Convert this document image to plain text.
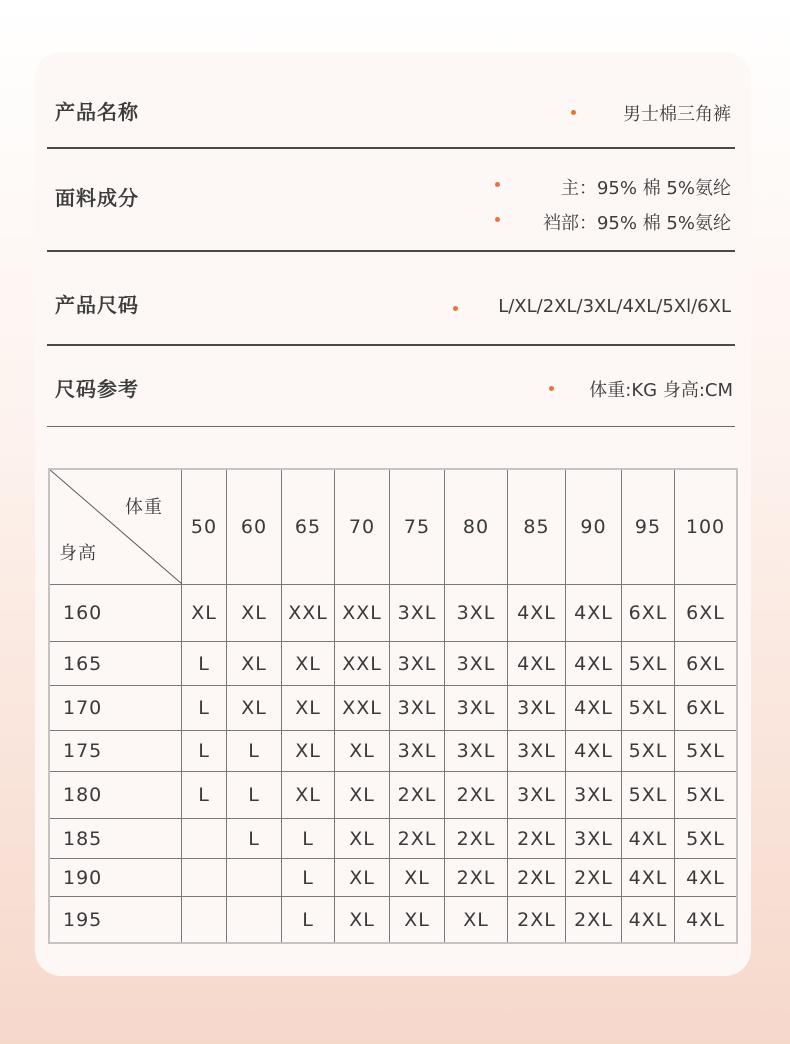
产品名称	男士棉三角裤
面料成分	主：95% 棉 5%氨纶
裆部：95% 棉 5%氨纶
产品尺码	L/XL/2XL/3XL/4XL/5Xl/6XL
尺码参考	体重:KG 身高:CM
体重
身高	50	60	65	70	75	80	85	90	95	100
160	XL	XL	XXL	XXL	3XL	3XL	4XL	4XL	6XL	6XL
165	L	XL	XL	XXL	3XL	3XL	4XL	4XL	5XL	6XL
170	L	XL	XL	XXL	3XL	3XL	3XL	4XL	5XL	6XL
175	L	L	XL	XL	3XL	3XL	3XL	4XL	5XL	5XL
180	L	L	XL	XL	2XL	2XL	3XL	3XL	5XL	5XL
185		L	L	XL	2XL	2XL	2XL	3XL	4XL	5XL
190			L	XL	XL	2XL	2XL	2XL	4XL	4XL
195			L	XL	XL	XL	2XL	2XL	4XL	4XL
